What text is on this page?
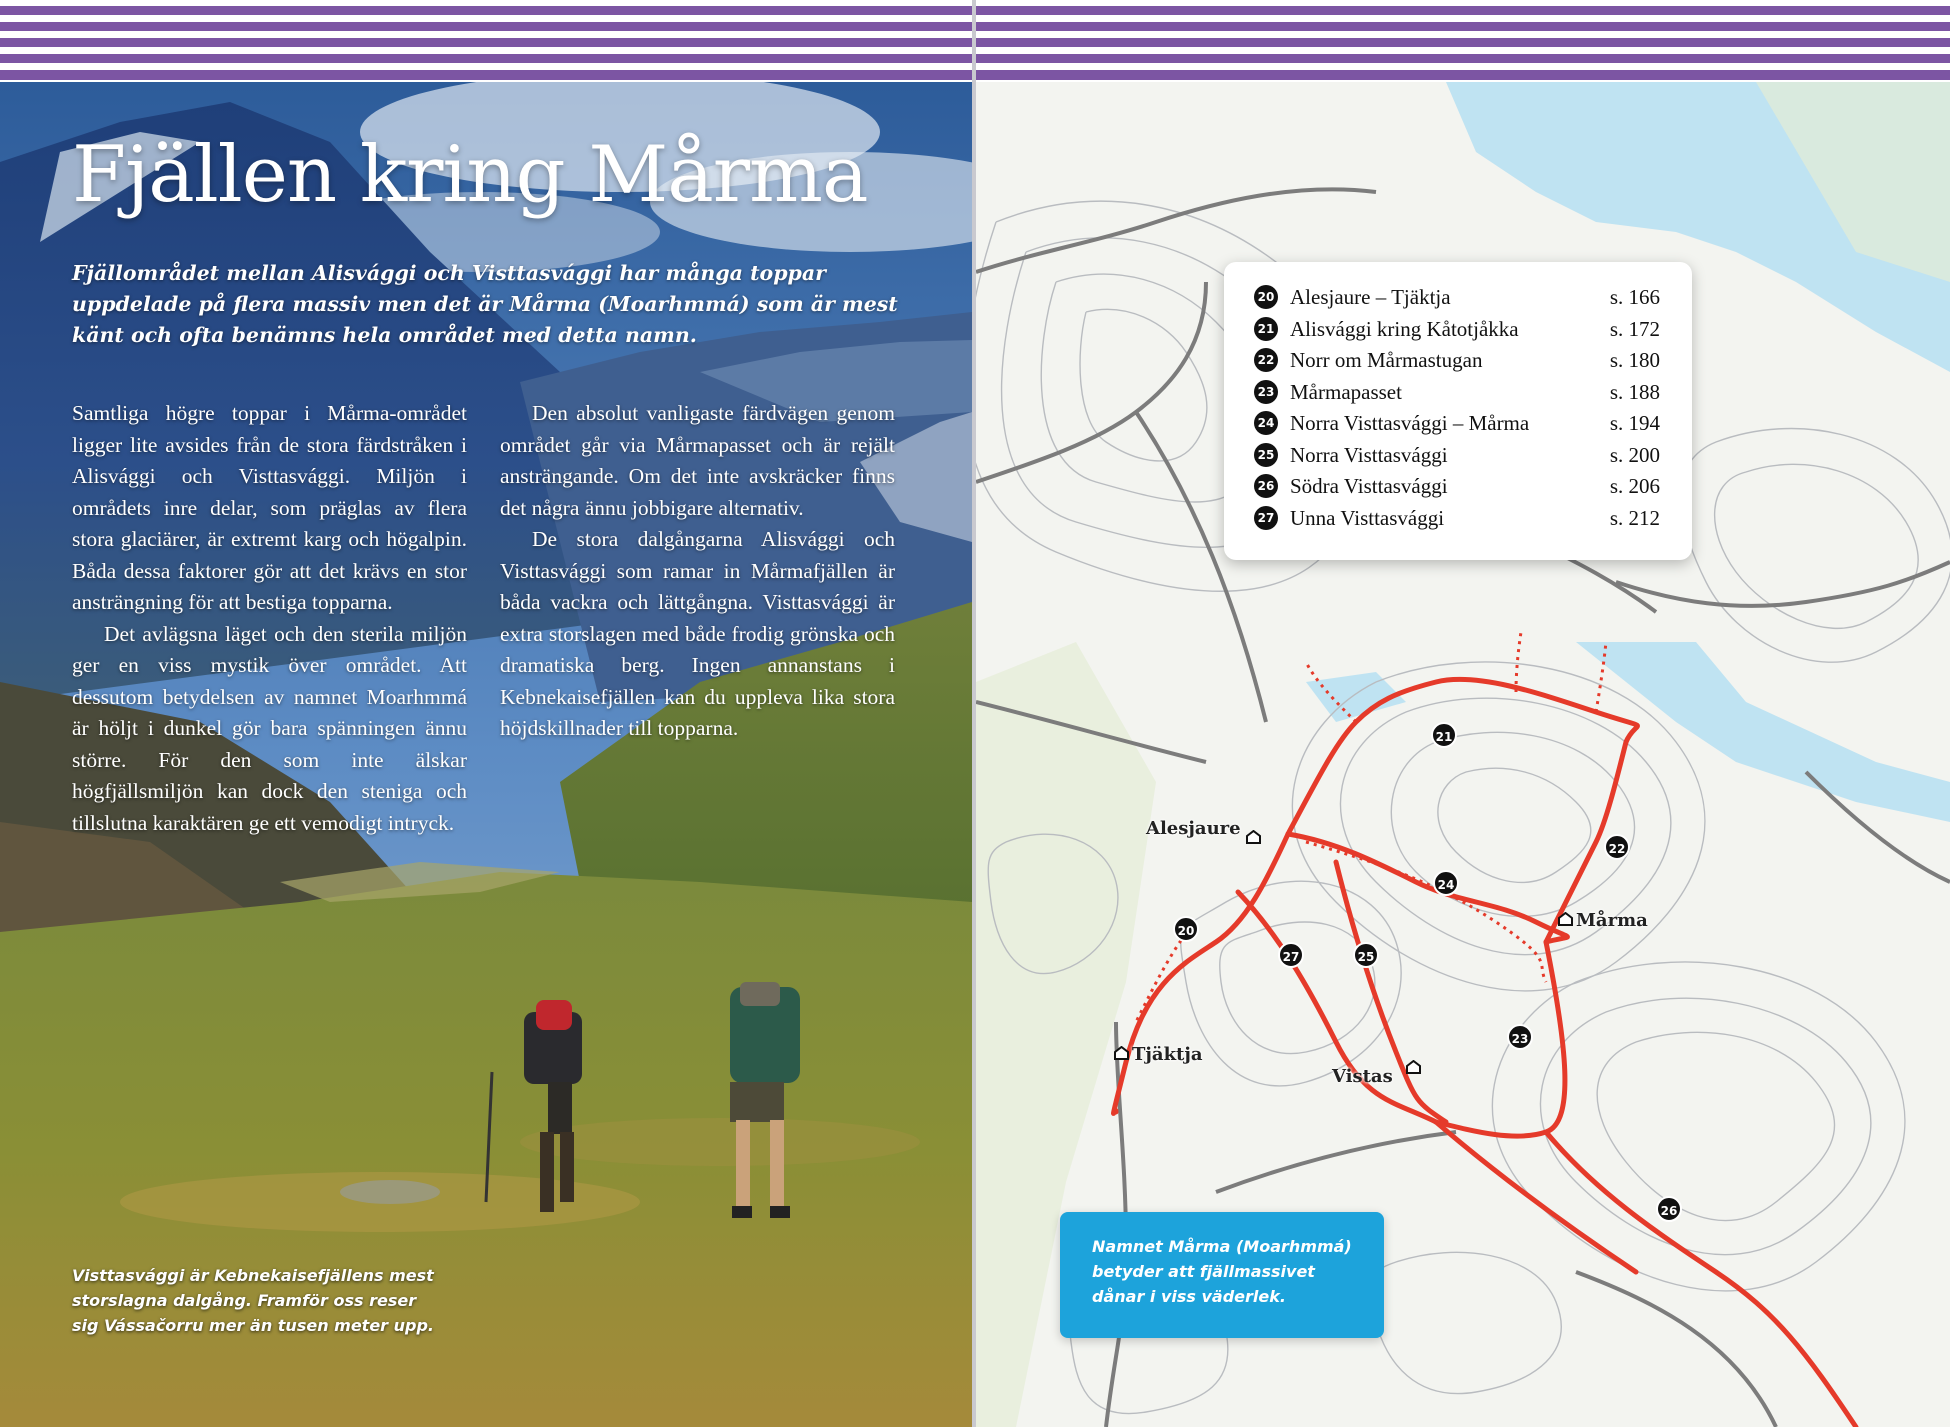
Fjällen kring Mårma

Fjällområdet mellan Alisvággi och Visttasvággi har många toppar uppdelade på flera massiv men det är Mårma (Moarhmmá) som är mest känt och ofta benämns hela området med detta namn.

Samtliga högre toppar i Mårma-området ligger lite avsides från de stora färdstråken i Alisvággi och Visttasvággi. Miljön i områdets inre delar, som präglas av flera stora glaciärer, är extremt karg och högalpin. Båda dessa faktorer gör att det krävs en stor ansträngning för att bestiga topparna.

Det avlägsna läget och den sterila miljön ger en viss mystik över området. Att dessutom betydelsen av namnet Moarhmmá är höljt i dunkel gör bara spänningen ännu större. För den som inte älskar högfjällsmiljön kan dock den steniga och tillslutna karaktären ge ett vemodigt intryck.

Den absolut vanligaste färdvägen genom området går via Mårmapasset och är rejält ansträngande. Om det inte avskräcker finns det några ännu jobbigare alternativ.

De stora dalgångarna Alisvággi och Visttasvággi som ramar in Mårmafjällen är båda vackra och lättgångna. Visttasvággi är extra storslagen med både frodig grönska och dramatiska berg. Ingen annanstans i Kebnekaisefjällen kan du uppleva lika stora höjdskillnader till topparna.

Visttasvággi är Kebnekaisefjällens mest storslagna dalgång. Framför oss reser sig Vássačorru mer än tusen meter upp.

Alesjaure
Mårma
Tjäktja
Vistas
21
22
24
20
27	25
23
26
20 Alesjaure – Tjäktja	s. 166
21 Alisvággi kring Kåtotjåkka	s. 172
22 Norr om Mårmastugan	s. 180
23 Mårmapasset	s. 188
24 Norra Visttasvággi – Mårma	s. 194
25 Norra Visttasvággi	s. 200
26 Södra Visttasvággi	s. 206
27 Unna Visttasvággi	s. 212

Namnet Mårma (Moarhmmá) betyder att fjällmassivet dånar i viss väderlek.
